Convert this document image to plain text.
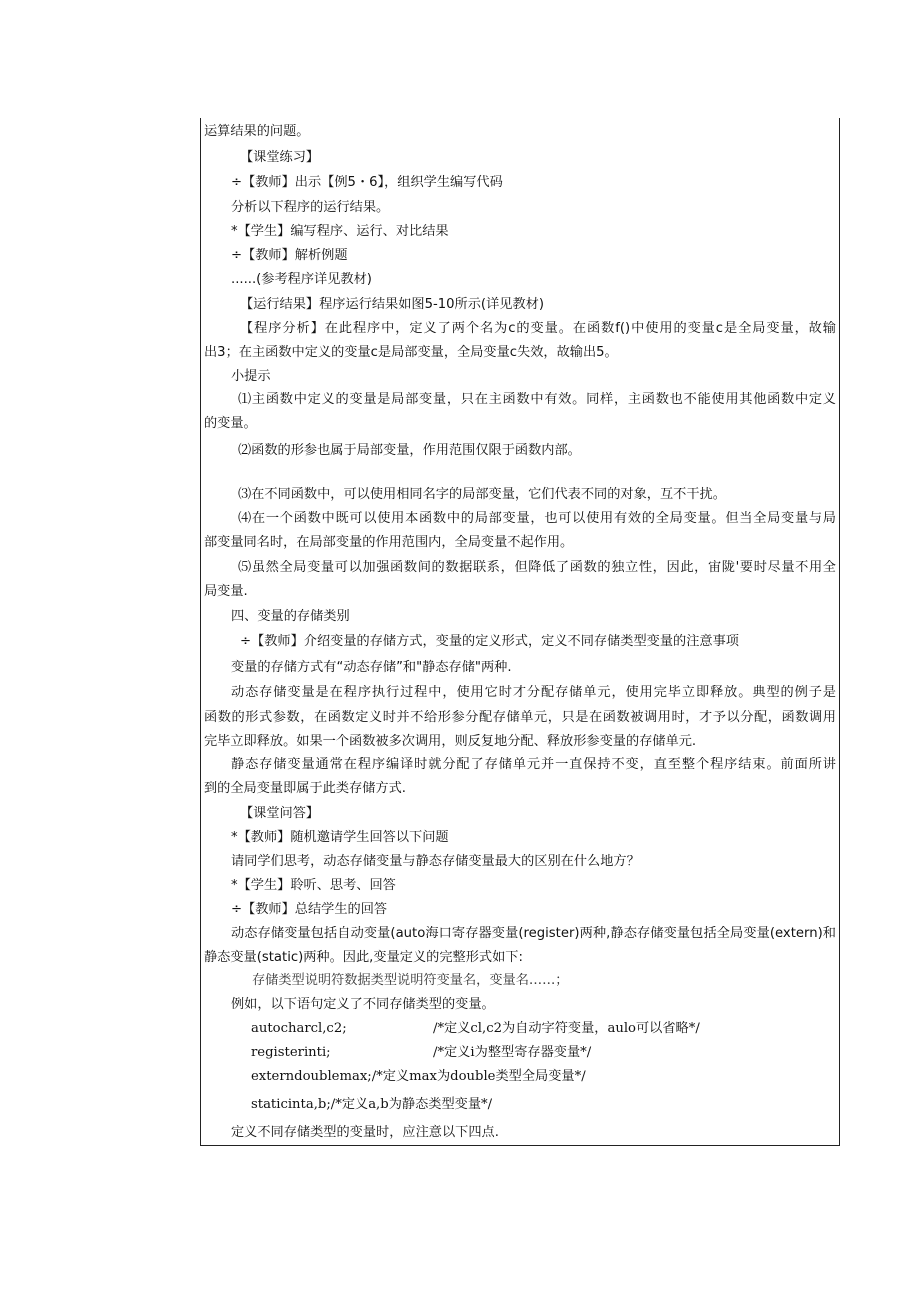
运算结果的问题。
【课堂练习】
÷【教师】出示【例5・6】，组织学生编写代码
分析以下程序的运行结果。
*【学生】编写程序、运行、对比结果
÷【教师】解析例题
......(参考程序详见教材)
【运行结果】程序运行结果如图5-10所示(详见教材)
【程序分析】在此程序中，定义了两个名为c的变量。在函数f()中使用的变量c是全局变量，故输
出3；在主函数中定义的变量c是局部变量，全局变量c失效，故输出5。
小提示
⑴主函数中定义的变量是局部变量，只在主函数中有效。同样，主函数也不能使用其他函数中定义
的变量。
⑵函数的形参也属于局部变量，作用范围仅限于函数内部。
⑶在不同函数中，可以使用相同名字的局部变量，它们代表不同的对象，互不干扰。
⑷在一个函数中既可以使用本函数中的局部变量，也可以使用有效的全局变量。但当全局变量与局
部变量同名时，在局部变量的作用范围内，全局变量不起作用。
⑸虽然全局变量可以加强函数间的数据联系，但降低了函数的独立性，因此，宙陇'要时尽量不用全
局变量.
四、变量的存储类别
÷【教师】介绍变量的存储方式，变量的定义形式，定义不同存储类型变量的注意事项
变量的存储方式有“动态存储”和"静态存储"两种.
动态存储变量是在程序执行过程中，使用它时才分配存储单元，使用完毕立即释放。典型的例子是
函数的形式参数，在函数定义时并不给形参分配存储单元，只是在函数被调用时，才予以分配，函数调用
完毕立即释放。如果一个函数被多次调用，则反复地分配、释放形参变量的存储单元.
静态存储变量通常在程序编译时就分配了存储单元并一直保持不变，直至整个程序结束。前面所讲
到的全局变量即属于此类存储方式.
【课堂问答】
*【教师】随机邀请学生回答以下问题
请同学们思考，动态存储变量与静态存储变量最大的区别在什么地方？
*【学生】聆听、思考、回答
÷【教师】总结学生的回答
动态存储变量包括自动变量(auto海口寄存器变量(register)两种,静态存储变量包括全局变量(extern)和
静态变量(static)两种。因此,变量定义的完整形式如下:
存储类型说明符数据类型说明符变量名，变量名……；
例如，以下语句定义了不同存储类型的变量。
autocharcl,c2;	/*定义cl,c2为自动字符变量，aulo可以省略*/
registerinti;	/*定义i为整型寄存器变量*/
externdoublemax;/*定义max为double类型全局变量*/
staticinta,b;/*定义a,b为静态类型变量*/
定义不同存储类型的变量时，应注意以下四点.
